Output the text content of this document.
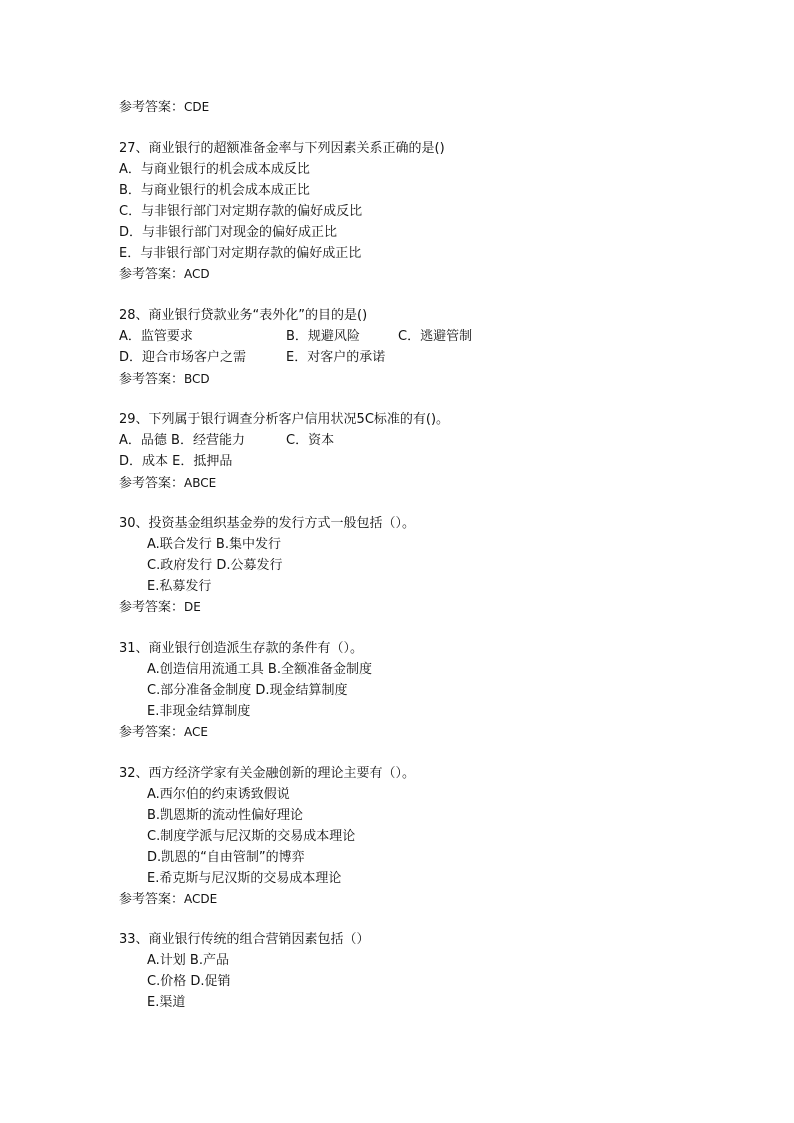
参考答案：CDE
27、商业银行的超额准备金率与下列因素关系正确的是()
A．与商业银行的机会成本成反比
B．与商业银行的机会成本成正比
C．与非银行部门对定期存款的偏好成反比
D．与非银行部门对现金的偏好成正比
E．与非银行部门对定期存款的偏好成正比
参考答案：ACD
28、商业银行贷款业务“表外化”的目的是()
A．监管要求	B．规避风险	C．逃避管制
D．迎合市场客户之需	E．对客户的承诺
参考答案：BCD
29、下列属于银行调查分析客户信用状况5C标准的有()。
A．品德 B．经营能力	C．资本
D．成本 E．抵押品
参考答案：ABCE
30、投资基金组织基金券的发行方式一般包括（）。
A.联合发行 B.集中发行
C.政府发行 D.公募发行
E.私募发行
参考答案：DE
31、商业银行创造派生存款的条件有（）。
A.创造信用流通工具 B.全额准备金制度
C.部分准备金制度 D.现金结算制度
E.非现金结算制度
参考答案：ACE
32、西方经济学家有关金融创新的理论主要有（）。
A.西尔伯的约束诱致假说
B.凯恩斯的流动性偏好理论
C.制度学派与尼汉斯的交易成本理论
D.凯恩的“自由管制”的博弈
E.希克斯与尼汉斯的交易成本理论
参考答案：ACDE
33、商业银行传统的组合营销因素包括（）
A.计划 B.产品
C.价格 D.促销
E.渠道
